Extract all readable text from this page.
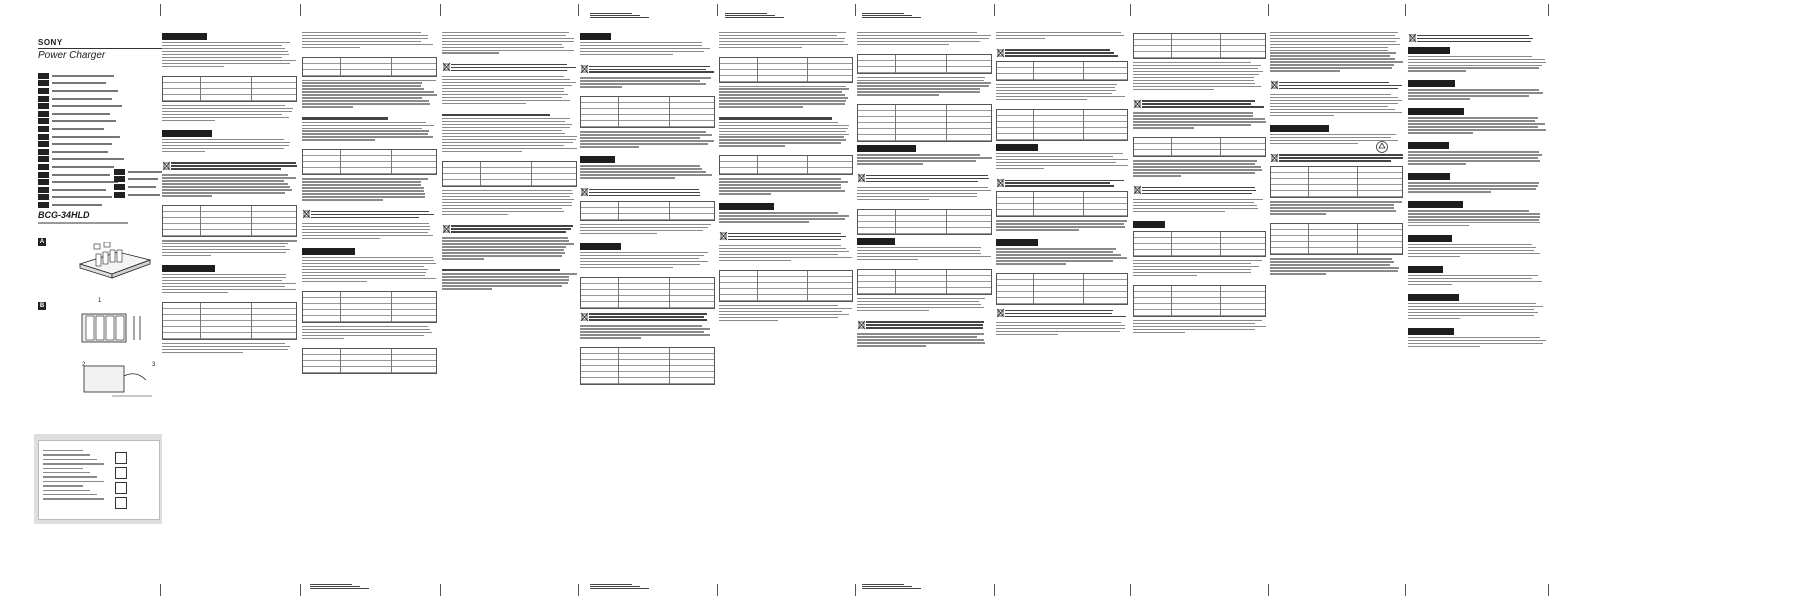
SONY
Power Charger
BCG-34HLD
A
B
1
2	3
